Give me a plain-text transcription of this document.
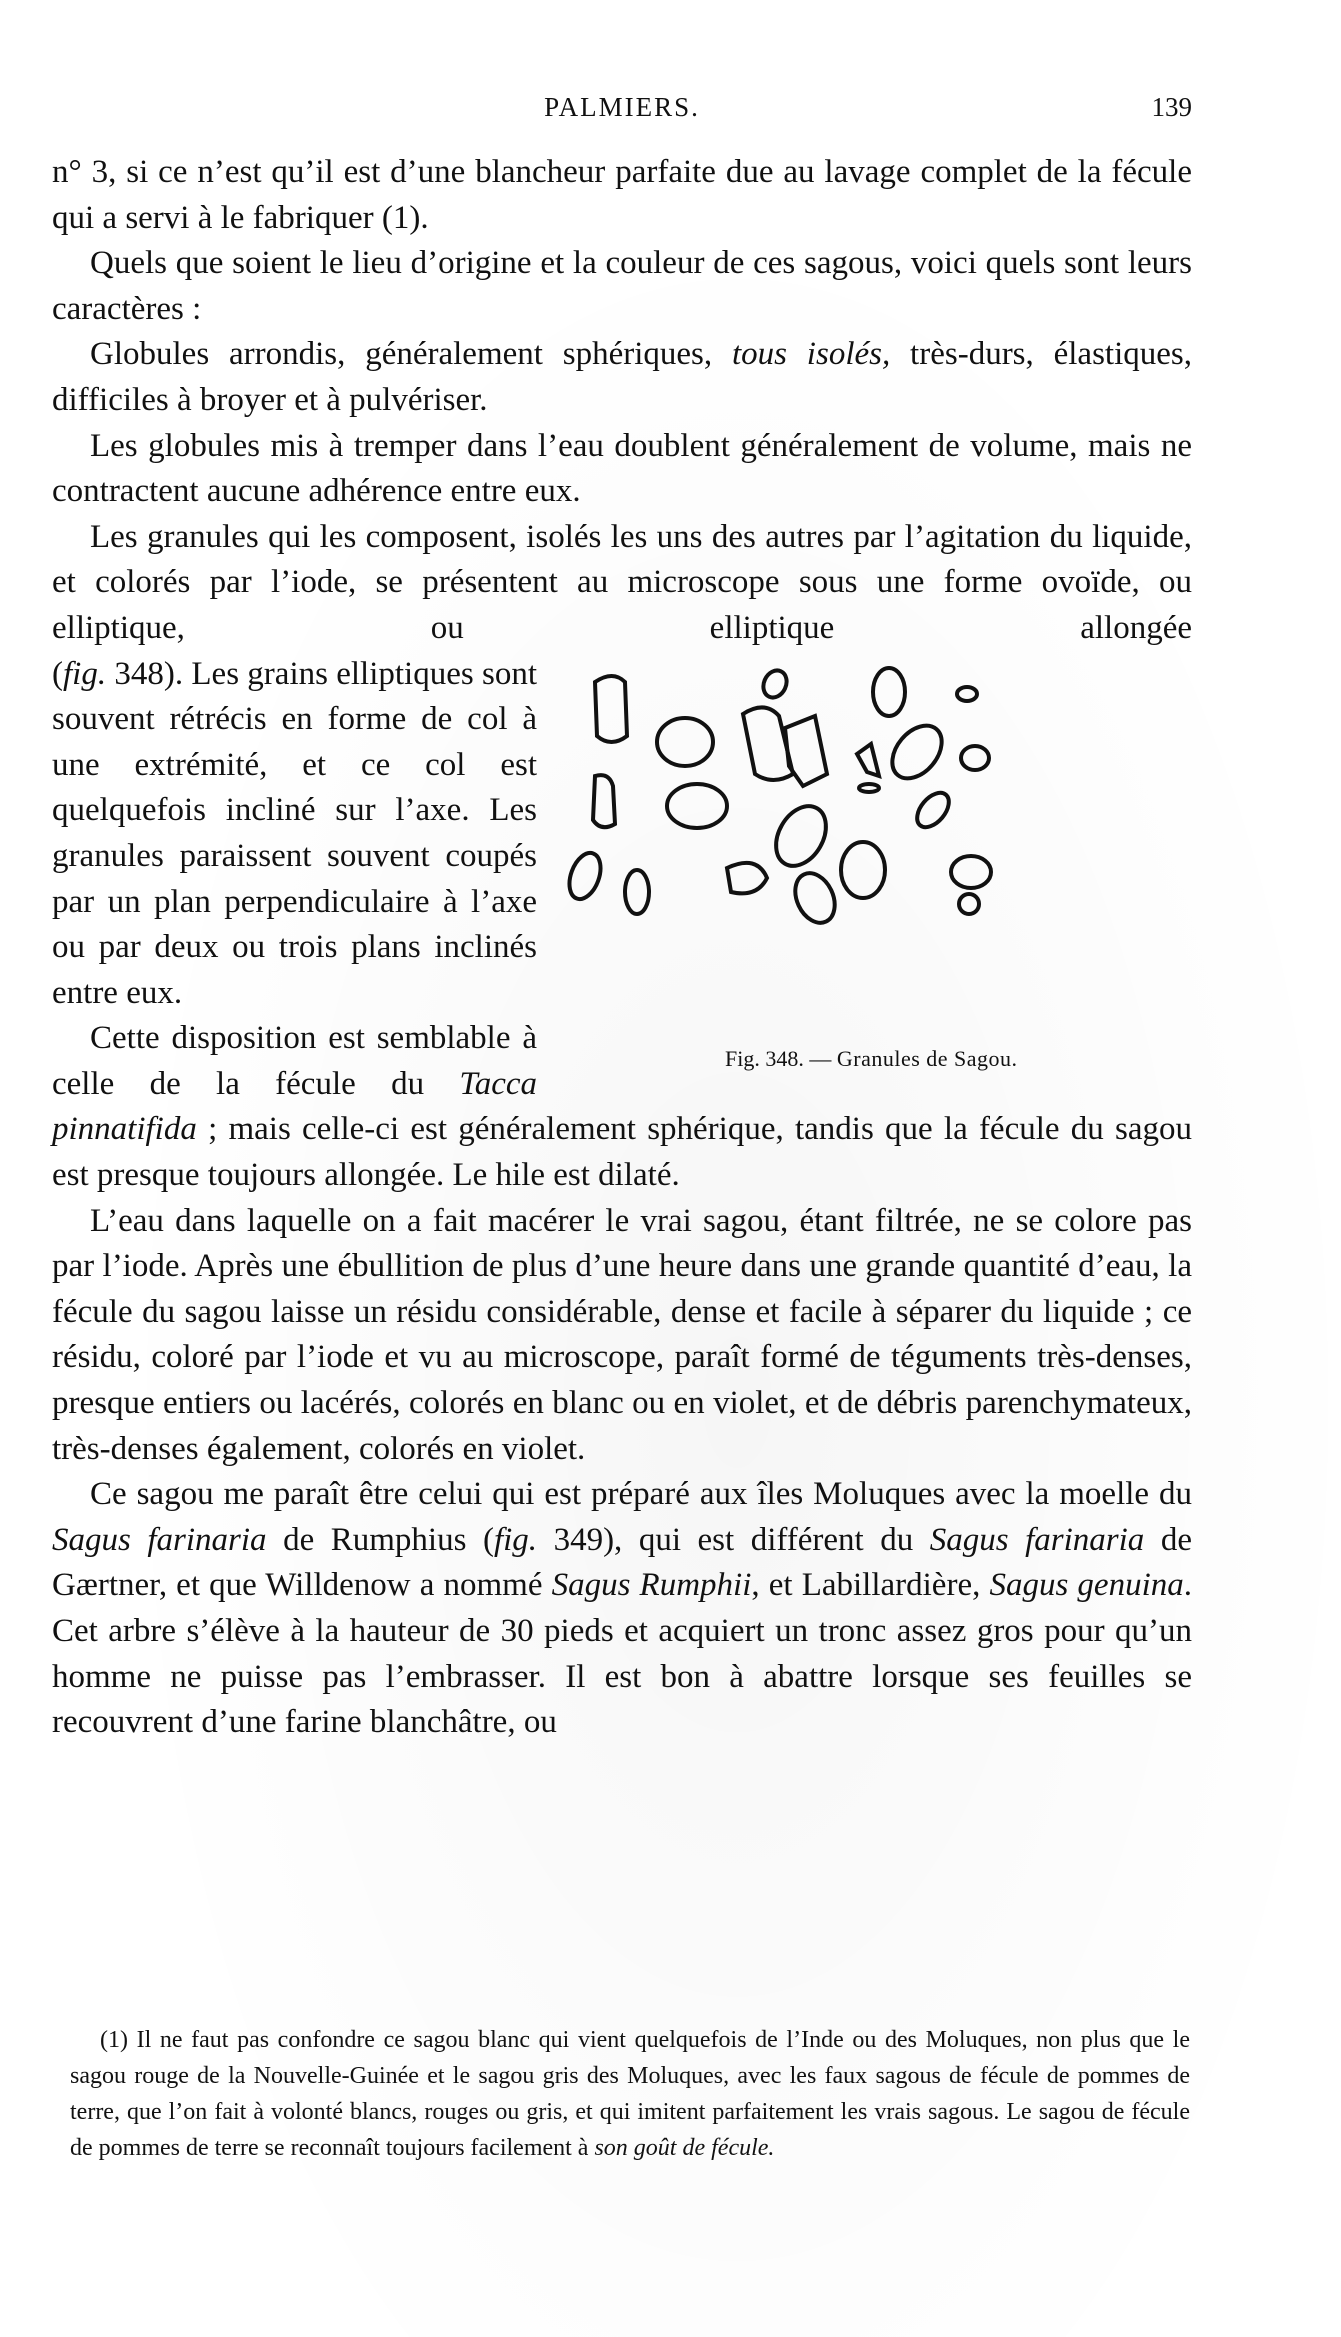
PALMIERS.	139

n° 3, si ce n’est qu’il est d’une blancheur parfaite due au lavage complet de la fécule qui a servi à le fabriquer (1).

Quels que soient le lieu d’origine et la couleur de ces sagous, voici quels sont leurs caractères :

Globules arrondis, généralement sphériques, tous isolés, très-durs, élastiques, difficiles à broyer et à pulvériser.

Les globules mis à tremper dans l’eau doublent généralement de volume, mais ne contractent aucune adhérence entre eux.

Les granules qui les composent, isolés les uns des autres par l’agitation du liquide, et colorés par l’iode, se présentent au microscope sous une forme ovoïde, ou elliptique, ou elliptique allongée (
Fig. 348. — Granules de Sagou.
fig. 348). Les grains elliptiques sont souvent rétrécis en forme de col à une extrémité, et ce col est quelquefois incliné sur l’axe. Les granules paraissent souvent coupés par un plan perpendiculaire à l’axe ou par deux ou trois plans inclinés entre eux.

Cette disposition est semblable à celle de la fécule du Tacca pinnatifida ; mais celle-ci est généralement sphérique, tandis que la fécule du sagou est presque toujours allongée. Le hile est dilaté.

L’eau dans laquelle on a fait macérer le vrai sagou, étant filtrée, ne se colore pas par l’iode. Après une ébullition de plus d’une heure dans une grande quantité d’eau, la fécule du sagou laisse un résidu considérable, dense et facile à séparer du liquide ; ce résidu, coloré par l’iode et vu au microscope, paraît formé de téguments très-denses, presque entiers ou lacérés, colorés en blanc ou en violet, et de débris parenchymateux, très-denses également, colorés en violet.

Ce sagou me paraît être celui qui est préparé aux îles Moluques avec la moelle du Sagus farinaria de Rumphius (fig. 349), qui est différent du Sagus farinaria de Gærtner, et que Willdenow a nommé Sagus Rumphii, et Labillardière, Sagus genuina. Cet arbre s’élève à la hauteur de 30 pieds et acquiert un tronc assez gros pour qu’un homme ne puisse pas l’embrasser. Il est bon à abattre lorsque ses feuilles se recouvrent d’une farine blanchâtre, ou

(1) Il ne faut pas confondre ce sagou blanc qui vient quelquefois de l’Inde ou des Moluques, non plus que le sagou rouge de la Nouvelle-Guinée et le sagou gris des Moluques, avec les faux sagous de fécule de pommes de terre, que l’on fait à volonté blancs, rouges ou gris, et qui imitent parfaitement les vrais sagous. Le sagou de fécule de pommes de terre se reconnaît toujours facilement à son goût de fécule.
